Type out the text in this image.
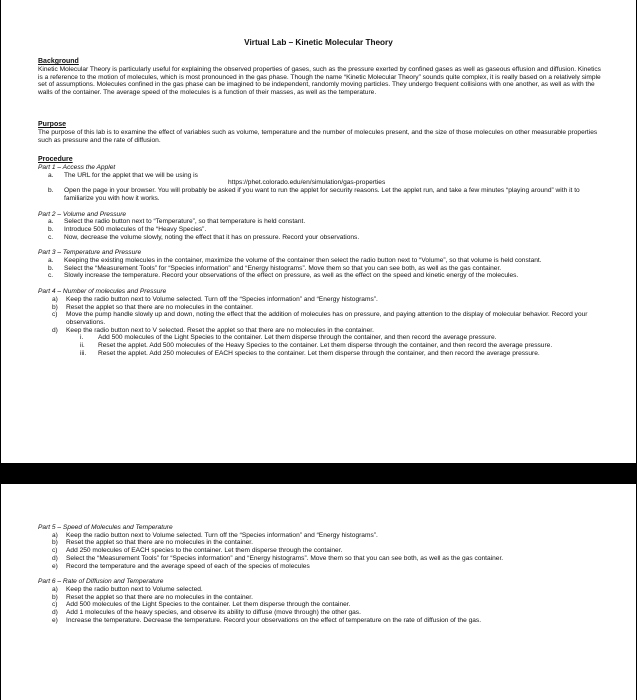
Virtual Lab – Kinetic Molecular Theory
Background
Kinetic Molecular Theory is particularly useful for explaining the observed properties of gases, such as the pressure exerted by confined gases as well as gaseous effusion and diffusion. Kinetics is a reference to the motion of molecules, which is most pronounced in the gas phase. Though the name “Kinetic Molecular Theory” sounds quite complex, it is really based on a relatively simple set of assumptions. Molecules confined in the gas phase can be imagined to be independent, randomly moving particles. They undergo frequent collisions with one another, as well as with the walls of the container. The average speed of the molecules is a function of their masses, as well as the temperature.
Purpose
The purpose of this lab is to examine the effect of variables such as volume, temperature and the number of molecules present, and the size of those molecules on other measurable properties such as pressure and the rate of diffusion.
Procedure
Part 1 – Access the Applet
a.	The URL for the applet that we will be using is
https://phet.colorado.edu/en/simulation/gas-properties
b.	Open the page in your browser. You will probably be asked if you want to run the applet for security reasons. Let the applet run, and take a few minutes “playing around” with it to familiarize you with how it works.
Part 2 – Volume and Pressure
a.	Select the radio button next to “Temperature”, so that temperature is held constant.
b.	Introduce 500 molecules of the “Heavy Species”.
c.	Now, decrease the volume slowly, noting the effect that it has on pressure. Record your observations.
Part 3 – Temperature and Pressure
a.	Keeping the existing molecules in the container, maximize the volume of the container then select the radio button next to “Volume”, so that volume is held constant.
b.	Select the “Measurement Tools” for “Species information” and “Energy histograms”. Move them so that you can see both, as well as the gas container.
c.	Slowly increase the temperature. Record your observations of the effect on pressure, as well as the effect on the speed and kinetic energy of the molecules.
Part 4 – Number of molecules and Pressure
a)	Keep the radio button next to Volume selected. Turn off the “Species information” and “Energy histograms”.
b)	Reset the applet so that there are no molecules in the container.
c)	Move the pump handle slowly up and down, noting the effect that the addition of molecules has on pressure, and paying attention to the display of molecular behavior. Record your observations.
d)	Keep the radio button next to V selected. Reset the applet so that there are no molecules in the container.
i.	Add 500 molecules of the Light Species to the container. Let them disperse through the container, and then record the average pressure.
ii.	Reset the applet. Add 500 molecules of the Heavy Species to the container. Let them disperse through the container, and then record the average pressure.
iii.	Reset the applet. Add 250 molecules of EACH species to the container. Let them disperse through the container, and then record the average pressure.
Part 5 – Speed of Molecules and Temperature
a)	Keep the radio button next to Volume selected. Turn off the “Species information” and “Energy histograms”.
b)	Reset the applet so that there are no molecules in the container.
c)	Add 250 molecules of EACH species to the container. Let them disperse through the container.
d)	Select the “Measurement Tools” for “Species information” and “Energy histograms”. Move them so that you can see both, as well as the gas container.
e)	Record the temperature and the average speed of each of the species of molecules
Part 6 – Rate of Diffusion and Temperature
a)	Keep the radio button next to Volume selected.
b)	Reset the applet so that there are no molecules in the container.
c)	Add 500 molecules of the Light Species to the container. Let them disperse through the container.
d)	Add 1 molecules of the heavy species, and observe its ability to diffuse (move through) the other gas.
e)	Increase the temperature. Decrease the temperature. Record your observations on the effect of temperature on the rate of diffusion of the gas.
